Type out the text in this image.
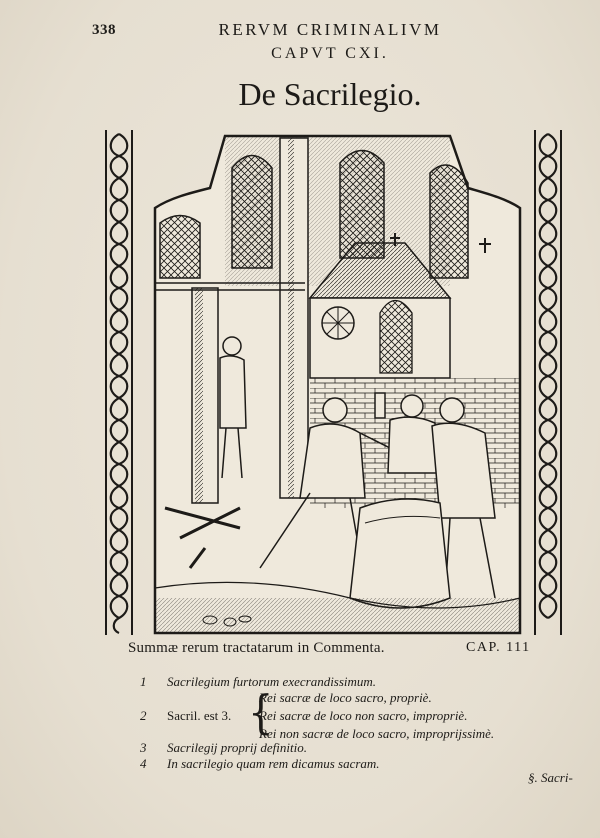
338	RERVM CRIMINALIVM
CAPVT CXI.
De Sacrilegio.
Summæ rerum tractatarum in Commenta.	CAP. 111
1 Sacrilegium furtorum execrandissimum.
2 Sacril. est 3. {
Rei sacræ de loco sacro, propriè.
Rei sacræ de loco non sacro, impropriè.
Rei non sacræ de loco sacro, improprijssimè.
3 Sacrilegij proprij definitio.
4 In sacrilegio quam rem dicamus sacram.
§. Sacri-
